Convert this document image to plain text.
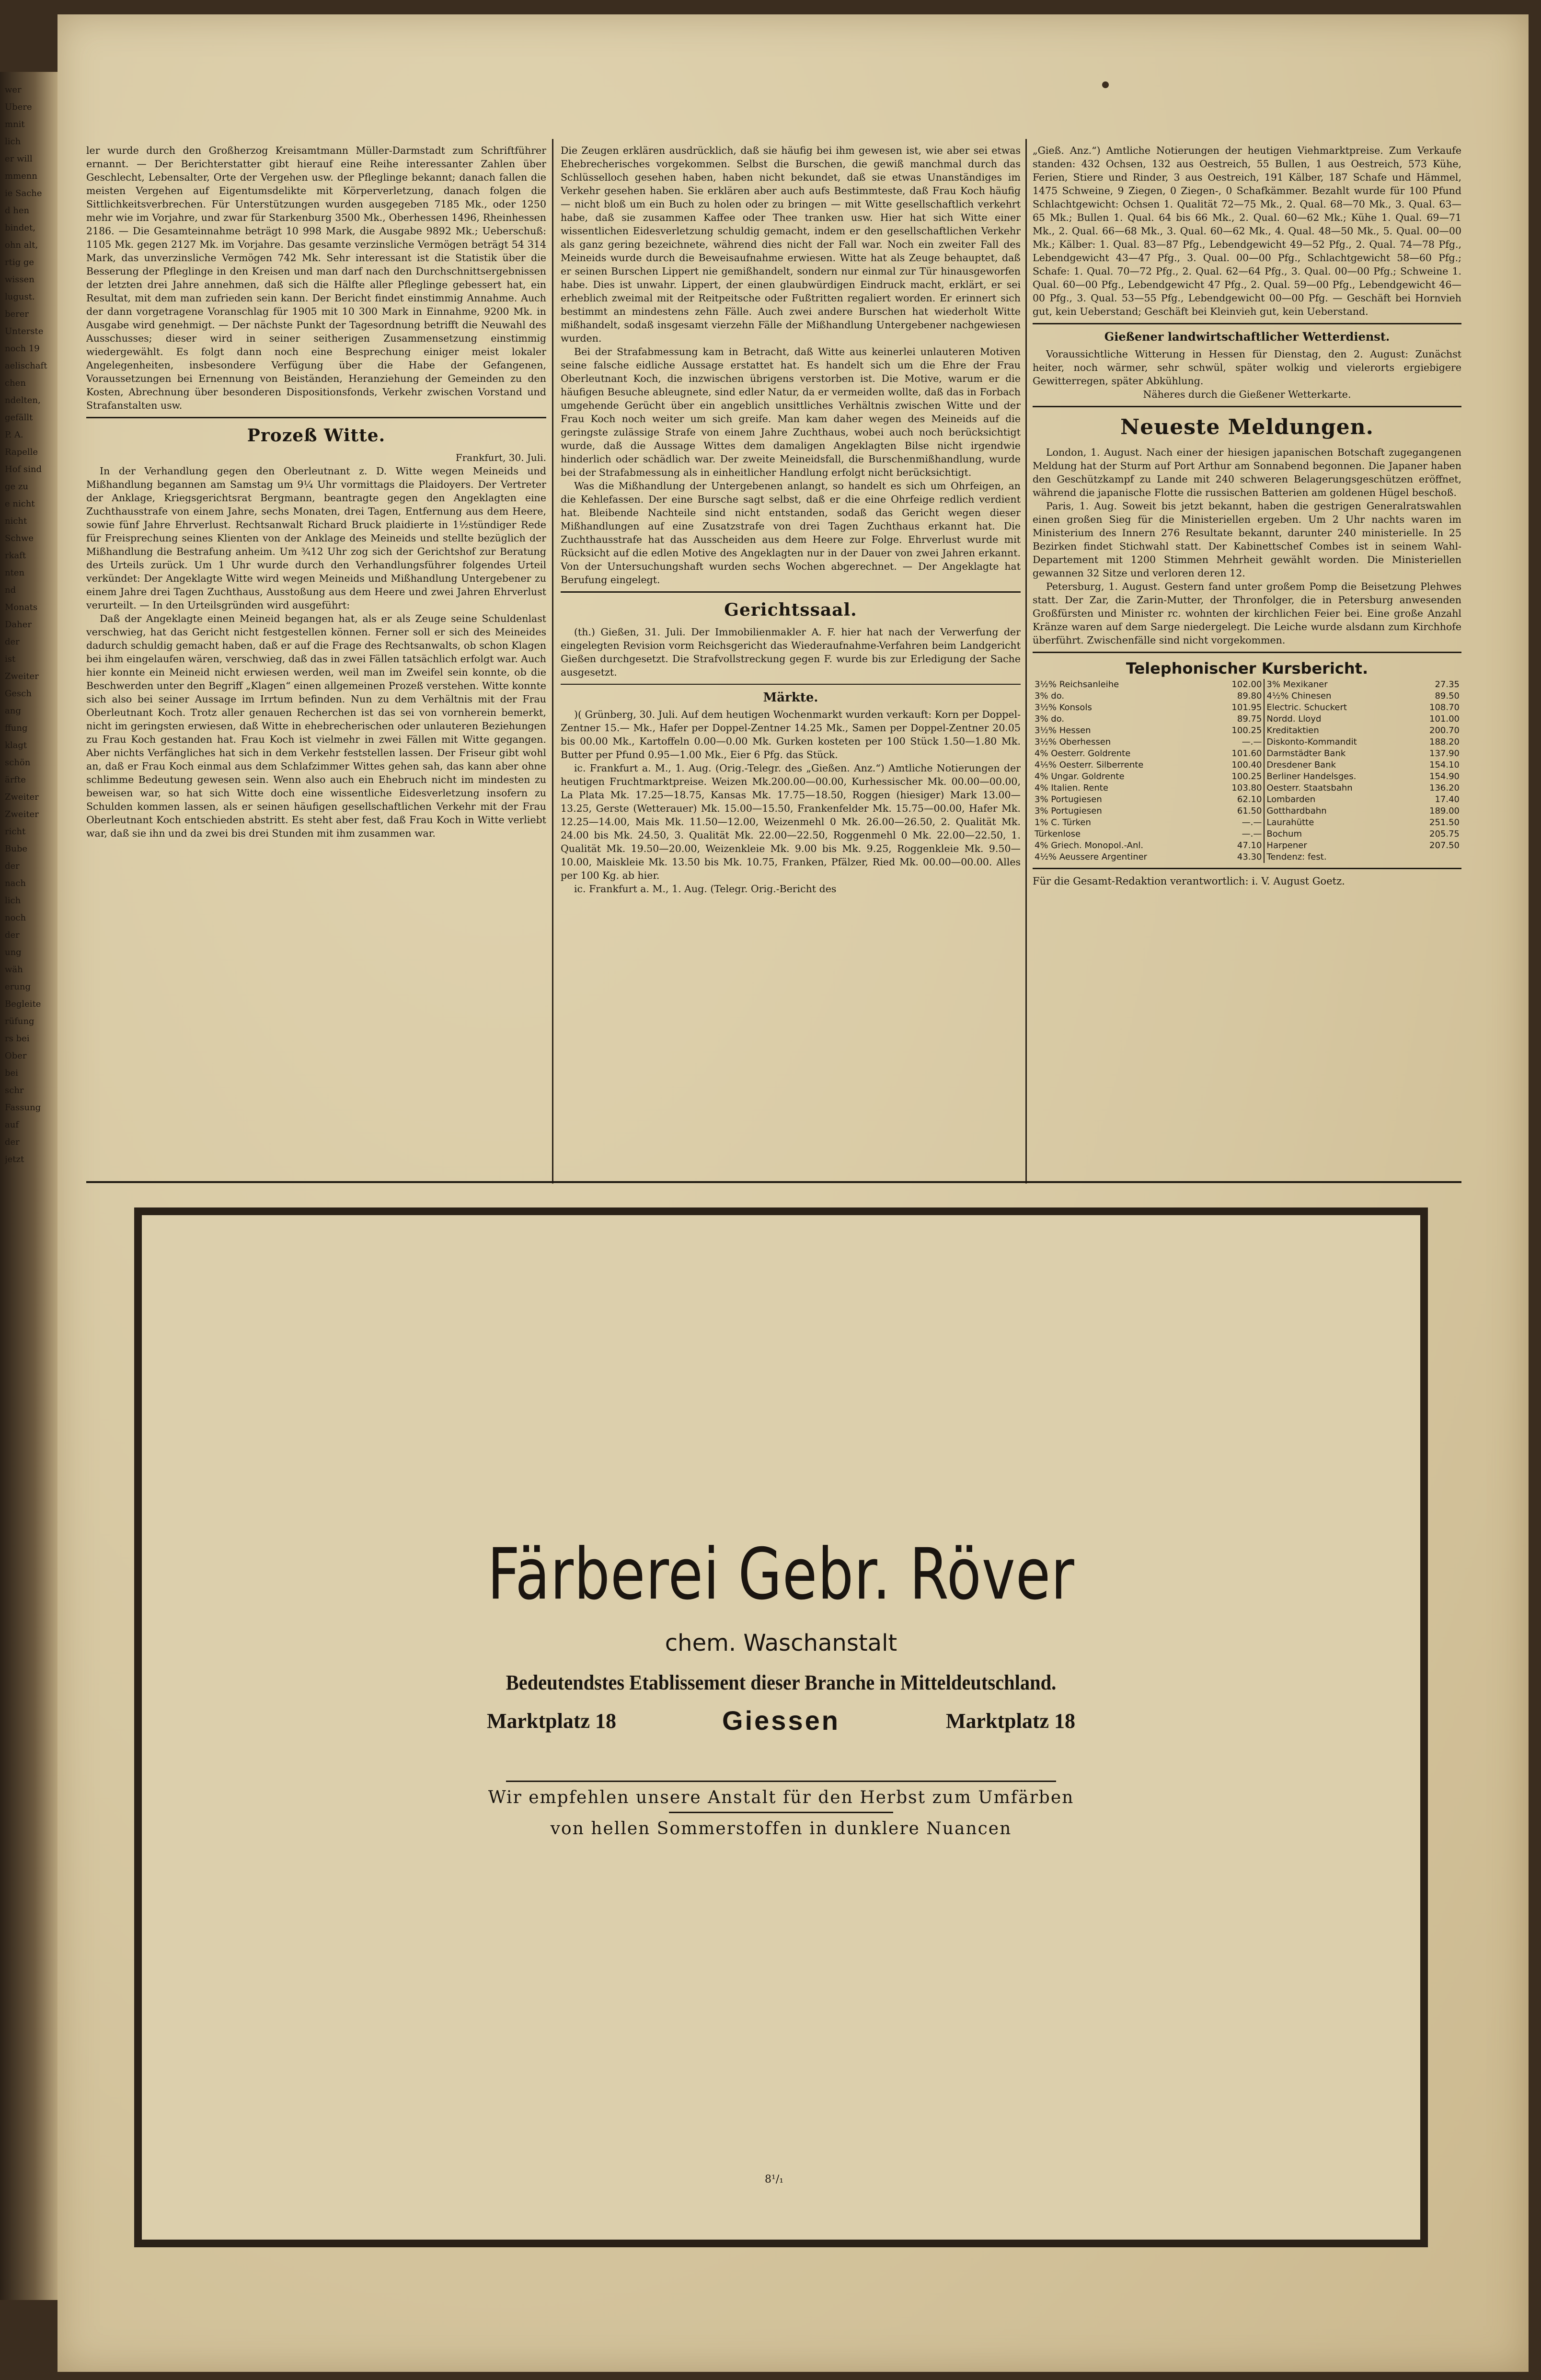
wer
Ubere
mnit
lich
er will
mmenn
ie Sache
d hen
bindet,
ohn alt,
rtig ge
wissen
lugust.
berer
Unterste
noch 19
aelischaft
chen
ndelten,
gefällt
P. A.
Rapelle
Hof sind
ge zu
e nicht
nicht
Schwe
rkaft
nten
nd
Monats
Daher
der
ist
Zweiter
Gesch
ang
ffung
klagt
schön
ärfte
Zweiter
Zweiter
richt
Bube
der
nach
lich
noch
der
ung
wäh
erung
Begleite
rüfung
rs bei
Ober
bei
schr
Fassung
auf
der
jetzt

ler wurde durch den Großherzog Kreisamtmann Müller-Darmstadt zum Schriftführer ernannt. — Der Berichterstatter gibt hierauf eine Reihe interessanter Zahlen über Geschlecht, Lebensalter, Orte der Vergehen usw. der Pfleglinge bekannt; danach fallen die meisten Vergehen auf Eigentumsdelikte mit Körperverletzung, danach folgen die Sittlichkeitsverbrechen. Für Unterstützungen wurden ausgegeben 7185 Mk., oder 1250 mehr wie im Vorjahre, und zwar für Starkenburg 3500 Mk., Oberhessen 1496, Rheinhessen 2186. — Die Gesamteinnahme beträgt 10 998 Mark, die Ausgabe 9892 Mk.; Ueberschuß: 1105 Mk. gegen 2127 Mk. im Vorjahre. Das gesamte verzinsliche Vermögen beträgt 54 314 Mark, das unverzinsliche Vermögen 742 Mk. Sehr interessant ist die Statistik über die Besserung der Pfleglinge in den Kreisen und man darf nach den Durchschnittsergebnissen der letzten drei Jahre annehmen, daß sich die Hälfte aller Pfleglinge gebessert hat, ein Resultat, mit dem man zufrieden sein kann. Der Bericht findet einstimmig Annahme. Auch der dann vorgetragene Voranschlag für 1905 mit 10 300 Mark in Einnahme, 9200 Mk. in Ausgabe wird genehmigt. — Der nächste Punkt der Tagesordnung betrifft die Neuwahl des Ausschusses; dieser wird in seiner seitherigen Zusammensetzung einstimmig wiedergewählt. Es folgt dann noch eine Besprechung einiger meist lokaler Angelegenheiten, insbesondere Verfügung über die Habe der Gefangenen, Voraussetzungen bei Ernennung von Beiständen, Heranziehung der Gemeinden zu den Kosten, Abrechnung über besonderen Dispositionsfonds, Verkehr zwischen Vorstand und Strafanstalten usw.

Prozeß Witte.
Frankfurt, 30. Juli.

In der Verhandlung gegen den Oberleutnant z. D. Witte wegen Meineids und Mißhandlung begannen am Samstag um 9¼ Uhr vormittags die Plaidoyers. Der Vertreter der Anklage, Kriegsgerichtsrat Bergmann, beantragte gegen den Angeklagten eine Zuchthausstrafe von einem Jahre, sechs Monaten, drei Tagen, Entfernung aus dem Heere, sowie fünf Jahre Ehrverlust. Rechtsanwalt Richard Bruck plaidierte in 1½stündiger Rede für Freisprechung seines Klienten von der Anklage des Meineids und stellte bezüglich der Mißhandlung die Bestrafung anheim. Um ¾12 Uhr zog sich der Gerichtshof zur Beratung des Urteils zurück. Um 1 Uhr wurde durch den Verhandlungsführer folgendes Urteil verkündet: Der Angeklagte Witte wird wegen Meineids und Mißhandlung Untergebener zu einem Jahre drei Tagen Zuchthaus, Ausstoßung aus dem Heere und zwei Jahren Ehrverlust verurteilt. — In den Urteilsgründen wird ausgeführt:

Daß der Angeklagte einen Meineid begangen hat, als er als Zeuge seine Schuldenlast verschwieg, hat das Gericht nicht festgestellen können. Ferner soll er sich des Meineides dadurch schuldig gemacht haben, daß er auf die Frage des Rechtsanwalts, ob schon Klagen bei ihm eingelaufen wären, verschwieg, daß das in zwei Fällen tatsächlich erfolgt war. Auch hier konnte ein Meineid nicht erwiesen werden, weil man im Zweifel sein konnte, ob die Beschwerden unter den Begriff „Klagen“ einen allgemeinen Prozeß verstehen. Witte konnte sich also bei seiner Aussage im Irrtum befinden. Nun zu dem Verhältnis mit der Frau Oberleutnant Koch. Trotz aller genauen Recherchen ist das sei von vornherein bemerkt, nicht im geringsten erwiesen, daß Witte in ehebrecherischen oder unlauteren Beziehungen zu Frau Koch gestanden hat. Frau Koch ist vielmehr in zwei Fällen mit Witte gegangen. Aber nichts Verfängliches hat sich in dem Verkehr feststellen lassen. Der Friseur gibt wohl an, daß er Frau Koch einmal aus dem Schlafzimmer Wittes gehen sah, das kann aber ohne schlimme Bedeutung gewesen sein. Wenn also auch ein Ehebruch nicht im mindesten zu beweisen war, so hat sich Witte doch eine wissentliche Eidesverletzung insofern zu Schulden kommen lassen, als er seinen häufigen gesellschaftlichen Verkehr mit der Frau Oberleutnant Koch entschieden abstritt. Es steht aber fest, daß Frau Koch in Witte verliebt war, daß sie ihn und da zwei bis drei Stunden mit ihm zusammen war.

Die Zeugen erklären ausdrücklich, daß sie häufig bei ihm gewesen ist, wie aber sei etwas Ehebrecherisches vorgekommen. Selbst die Burschen, die gewiß manchmal durch das Schlüsselloch gesehen haben, haben nicht bekundet, daß sie etwas Unanständiges im Verkehr gesehen haben. Sie erklären aber auch aufs Bestimmteste, daß Frau Koch häufig — nicht bloß um ein Buch zu holen oder zu bringen — mit Witte gesellschaftlich verkehrt habe, daß sie zusammen Kaffee oder Thee tranken usw. Hier hat sich Witte einer wissentlichen Eidesverletzung schuldig gemacht, indem er den gesellschaftlichen Verkehr als ganz gering bezeichnete, während dies nicht der Fall war. Noch ein zweiter Fall des Meineids wurde durch die Beweisaufnahme erwiesen. Witte hat als Zeuge behauptet, daß er seinen Burschen Lippert nie gemißhandelt, sondern nur einmal zur Tür hinausgeworfen habe. Dies ist unwahr. Lippert, der einen glaubwürdigen Eindruck macht, erklärt, er sei erheblich zweimal mit der Reitpeitsche oder Fußtritten regaliert worden. Er erinnert sich bestimmt an mindestens zehn Fälle. Auch zwei andere Burschen hat wiederholt Witte mißhandelt, sodaß insgesamt vierzehn Fälle der Mißhandlung Untergebener nachgewiesen wurden.

Bei der Strafabmessung kam in Betracht, daß Witte aus keinerlei unlauteren Motiven seine falsche eidliche Aussage erstattet hat. Es handelt sich um die Ehre der Frau Oberleutnant Koch, die inzwischen übrigens verstorben ist. Die Motive, warum er die häufigen Besuche ableugnete, sind edler Natur, da er vermeiden wollte, daß das in Forbach umgehende Gerücht über ein angeblich unsittliches Verhältnis zwischen Witte und der Frau Koch noch weiter um sich greife. Man kam daher wegen des Meineids auf die geringste zulässige Strafe von einem Jahre Zuchthaus, wobei auch noch berücksichtigt wurde, daß die Aussage Wittes dem damaligen Angeklagten Bilse nicht irgendwie hinderlich oder schädlich war. Der zweite Meineidsfall, die Burschenmißhandlung, wurde bei der Strafabmessung als in einheitlicher Handlung erfolgt nicht berücksichtigt.

Was die Mißhandlung der Untergebenen anlangt, so handelt es sich um Ohrfeigen, an die Kehlefassen. Der eine Bursche sagt selbst, daß er die eine Ohrfeige redlich verdient hat. Bleibende Nachteile sind nicht entstanden, sodaß das Gericht wegen dieser Mißhandlungen auf eine Zusatzstrafe von drei Tagen Zuchthaus erkannt hat. Die Zuchthausstrafe hat das Ausscheiden aus dem Heere zur Folge. Ehrverlust wurde mit Rücksicht auf die edlen Motive des Angeklagten nur in der Dauer von zwei Jahren erkannt. Von der Untersuchungshaft wurden sechs Wochen abgerechnet. — Der Angeklagte hat Berufung eingelegt.

Gerichtssaal.

(th.) Gießen, 31. Juli. Der Immobilienmakler A. F. hier hat nach der Verwerfung der eingelegten Revision vorm Reichsgericht das Wiederaufnahme-Verfahren beim Landgericht Gießen durchgesetzt. Die Strafvollstreckung gegen F. wurde bis zur Erledigung der Sache ausgesetzt.

Märkte.

)( Grünberg, 30. Juli. Auf dem heutigen Wochenmarkt wurden verkauft: Korn per Doppel-Zentner 15.— Mk., Hafer per Doppel-Zentner 14.25 Mk., Samen per Doppel-Zentner 20.05 bis 00.00 Mk., Kartoffeln 0.00—0.00 Mk. Gurken kosteten per 100 Stück 1.50—1.80 Mk. Butter per Pfund 0.95—1.00 Mk., Eier 6 Pfg. das Stück.

ic. Frankfurt a. M., 1. Aug. (Orig.-Telegr. des „Gießen. Anz.“) Amtliche Notierungen der heutigen Fruchtmarktpreise. Weizen Mk.200.00—00.00, Kurhessischer Mk. 00.00—00.00, La Plata Mk. 17.25—18.75, Kansas Mk. 17.75—18.50, Roggen (hiesiger) Mark 13.00—13.25, Gerste (Wetterauer) Mk. 15.00—15.50, Frankenfelder Mk. 15.75—00.00, Hafer Mk. 12.25—14.00, Mais Mk. 11.50—12.00, Weizenmehl 0 Mk. 26.00—26.50, 2. Qualität Mk. 24.00 bis Mk. 24.50, 3. Qualität Mk. 22.00—22.50, Roggenmehl 0 Mk. 22.00—22.50, 1. Qualität Mk. 19.50—20.00, Weizenkleie Mk. 9.00 bis Mk. 9.25, Roggenkleie Mk. 9.50—10.00, Maiskleie Mk. 13.50 bis Mk. 10.75, Franken, Pfälzer, Ried Mk. 00.00—00.00. Alles per 100 Kg. ab hier.

ic. Frankfurt a. M., 1. Aug. (Telegr. Orig.-Bericht des

„Gieß. Anz.“) Amtliche Notierungen der heutigen Viehmarktpreise. Zum Verkaufe standen: 432 Ochsen, 132 aus Oestreich, 55 Bullen, 1 aus Oestreich, 573 Kühe, Ferien, Stiere und Rinder, 3 aus Oestreich, 191 Kälber, 187 Schafe und Hämmel, 1475 Schweine, 9 Ziegen, 0 Ziegen-, 0 Schafkämmer. Bezahlt wurde für 100 Pfund Schlachtgewicht: Ochsen 1. Qualität 72—75 Mk., 2. Qual. 68—70 Mk., 3. Qual. 63—65 Mk.; Bullen 1. Qual. 64 bis 66 Mk., 2. Qual. 60—62 Mk.; Kühe 1. Qual. 69—71 Mk., 2. Qual. 66—68 Mk., 3. Qual. 60—62 Mk., 4. Qual. 48—50 Mk., 5. Qual. 00—00 Mk.; Kälber: 1. Qual. 83—87 Pfg., Lebendgewicht 49—52 Pfg., 2. Qual. 74—78 Pfg., Lebendgewicht 43—47 Pfg., 3. Qual. 00—00 Pfg., Schlachtgewicht 58—60 Pfg.; Schafe: 1. Qual. 70—72 Pfg., 2. Qual. 62—64 Pfg., 3. Qual. 00—00 Pfg.; Schweine 1. Qual. 60—00 Pfg., Lebendgewicht 47 Pfg., 2. Qual. 59—00 Pfg., Lebendgewicht 46—00 Pfg., 3. Qual. 53—55 Pfg., Lebendgewicht 00—00 Pfg. — Geschäft bei Hornvieh gut, kein Ueberstand; Geschäft bei Kleinvieh gut, kein Ueberstand.

Gießener landwirtschaftlicher Wetterdienst.

Voraussichtliche Witterung in Hessen für Dienstag, den 2. August: Zunächst heiter, noch wärmer, sehr schwül, später wolkig und vielerorts ergiebigere Gewitterregen, später Abkühlung.

Näheres durch die Gießener Wetterkarte.
Neueste Meldungen.

London, 1. August. Nach einer der hiesigen japanischen Botschaft zugegangenen Meldung hat der Sturm auf Port Arthur am Sonnabend begonnen. Die Japaner haben den Geschützkampf zu Lande mit 240 schweren Belagerungsgeschützen eröffnet, während die japanische Flotte die russischen Batterien am goldenen Hügel beschoß.

Paris, 1. Aug. Soweit bis jetzt bekannt, haben die gestrigen Generalratswahlen einen großen Sieg für die Ministeriellen ergeben. Um 2 Uhr nachts waren im Ministerium des Innern 276 Resultate bekannt, darunter 240 ministerielle. In 25 Bezirken findet Stichwahl statt. Der Kabinettschef Combes ist in seinem Wahl-Departement mit 1200 Stimmen Mehrheit gewählt worden. Die Ministeriellen gewannen 32 Sitze und verloren deren 12.

Petersburg, 1. August. Gestern fand unter großem Pomp die Beisetzung Plehwes statt. Der Zar, die Zarin-Mutter, der Thronfolger, die in Petersburg anwesenden Großfürsten und Minister rc. wohnten der kirchlichen Feier bei. Eine große Anzahl Kränze waren auf dem Sarge niedergelegt. Die Leiche wurde alsdann zum Kirchhofe überführt. Zwischenfälle sind nicht vorgekommen.

Telephonischer Kursbericht.
3½% Reichsanleihe	102.00	3% Mexikaner	27.35
3% do.	89.80	4½% Chinesen	89.50
3½% Konsols	101.95	Electric. Schuckert	108.70
3% do.	89.75	Nordd. Lloyd	101.00
3½% Hessen	100.25	Kreditaktien	200.70
3½% Oberhessen	—.—	Diskonto-Kommandit	188.20
4% Oesterr. Goldrente	101.60	Darmstädter Bank	137.90
4⅕% Oesterr. Silberrente	100.40	Dresdener Bank	154.10
4% Ungar. Goldrente	100.25	Berliner Handelsges.	154.90
4% Italien. Rente	103.80	Oesterr. Staatsbahn	136.20
3% Portugiesen	62.10	Lombarden	17.40
3% Portugiesen	61.50	Gotthardbahn	189.00
1% C. Türken	—.—	Laurahütte	251.50
Türkenlose	—.—	Bochum	205.75
4% Griech. Monopol.-Anl.	47.10	Harpener	207.50
4½% Aeussere Argentiner	43.30	Tendenz: fest.	
Für die Gesamt-Redaktion verantwortlich: i. V. August Goetz.
Färberei Gebr. Röver
chem. Waschanstalt
Bedeutendstes Etablissement dieser Branche in Mitteldeutschland.
Marktplatz 18	Giessen	Marktplatz 18
Wir empfehlen unsere Anstalt für den Herbst zum Umfärben
von hellen Sommerstoffen in dunklere Nuancen
8¹/₁
